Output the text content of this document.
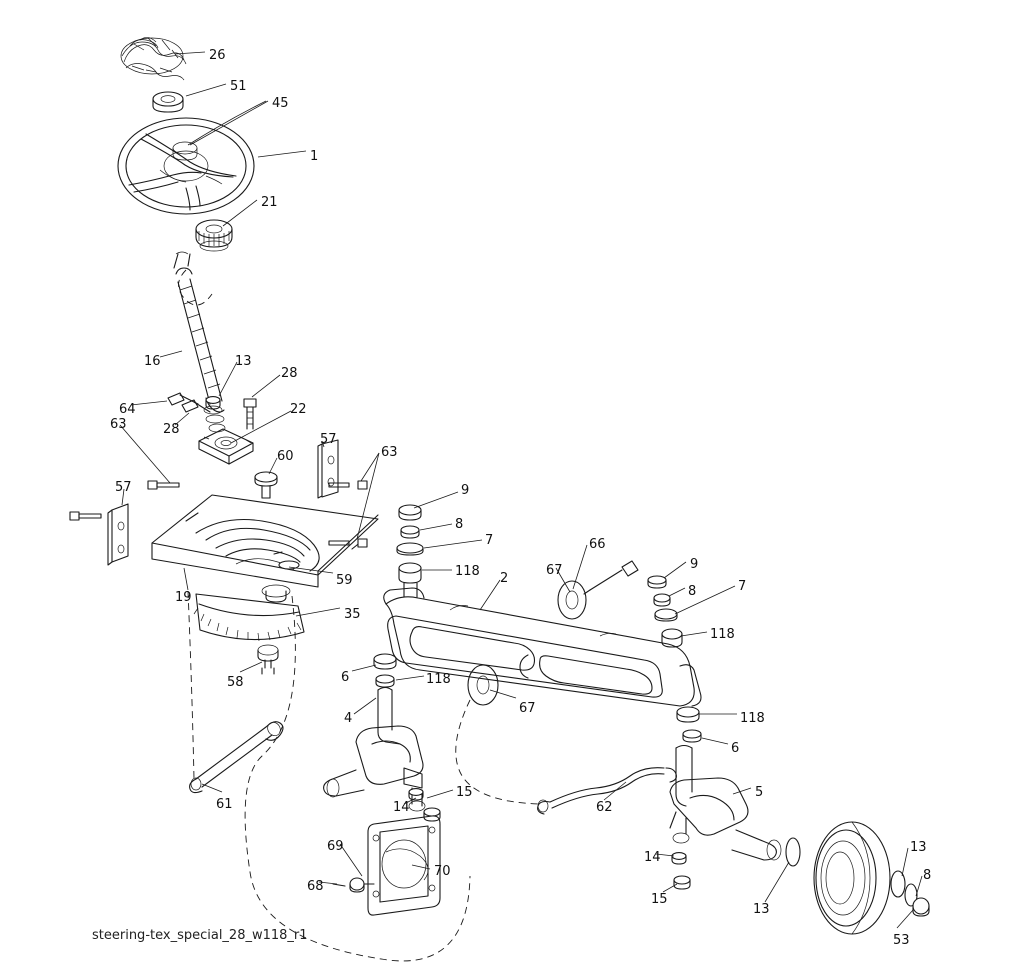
26
51
45
1
21
16	13
28
64	22
63	28
57
63
60
57	9
8
7	66
118	67	9
59	2
8	7
19
35
118
58	6	118
67
4	118
6
61
15
14
5
62
13
69
14
8
70
68
15
13
53
steering-tex_special_28_w118_r1
